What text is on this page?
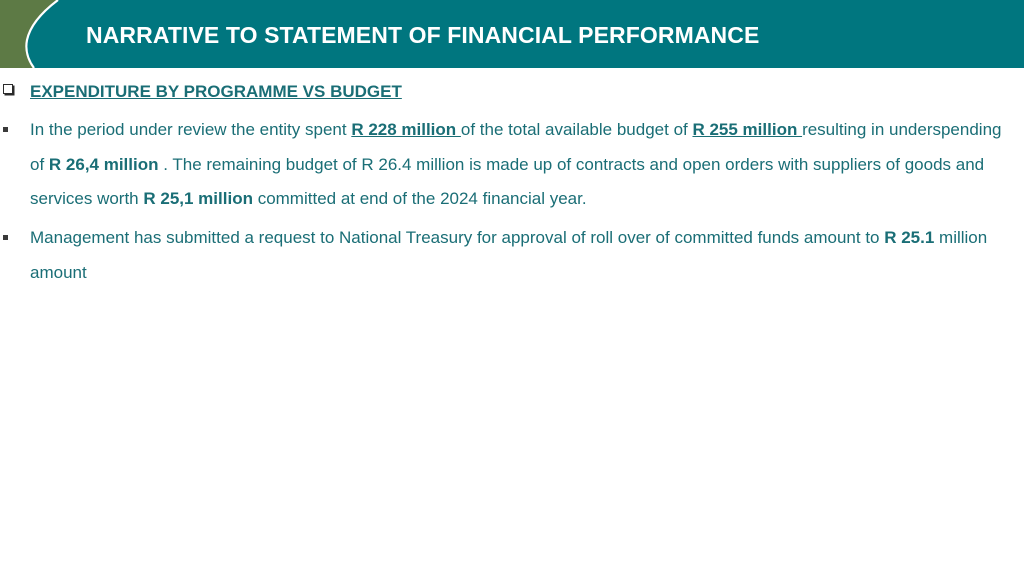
NARRATIVE TO STATEMENT OF FINANCIAL PERFORMANCE
EXPENDITURE BY PROGRAMME VS BUDGET
In the period under review the entity spent R 228 million of the total available budget of R 255 million resulting in underspending of R 26,4 million . The remaining budget of R 26.4 million is made up of contracts and open orders with suppliers of goods and services worth R 25,1 million committed at end of the 2024 financial year.
Management has submitted a request to National Treasury for approval of roll over of committed funds amount to R 25.1 million amount
